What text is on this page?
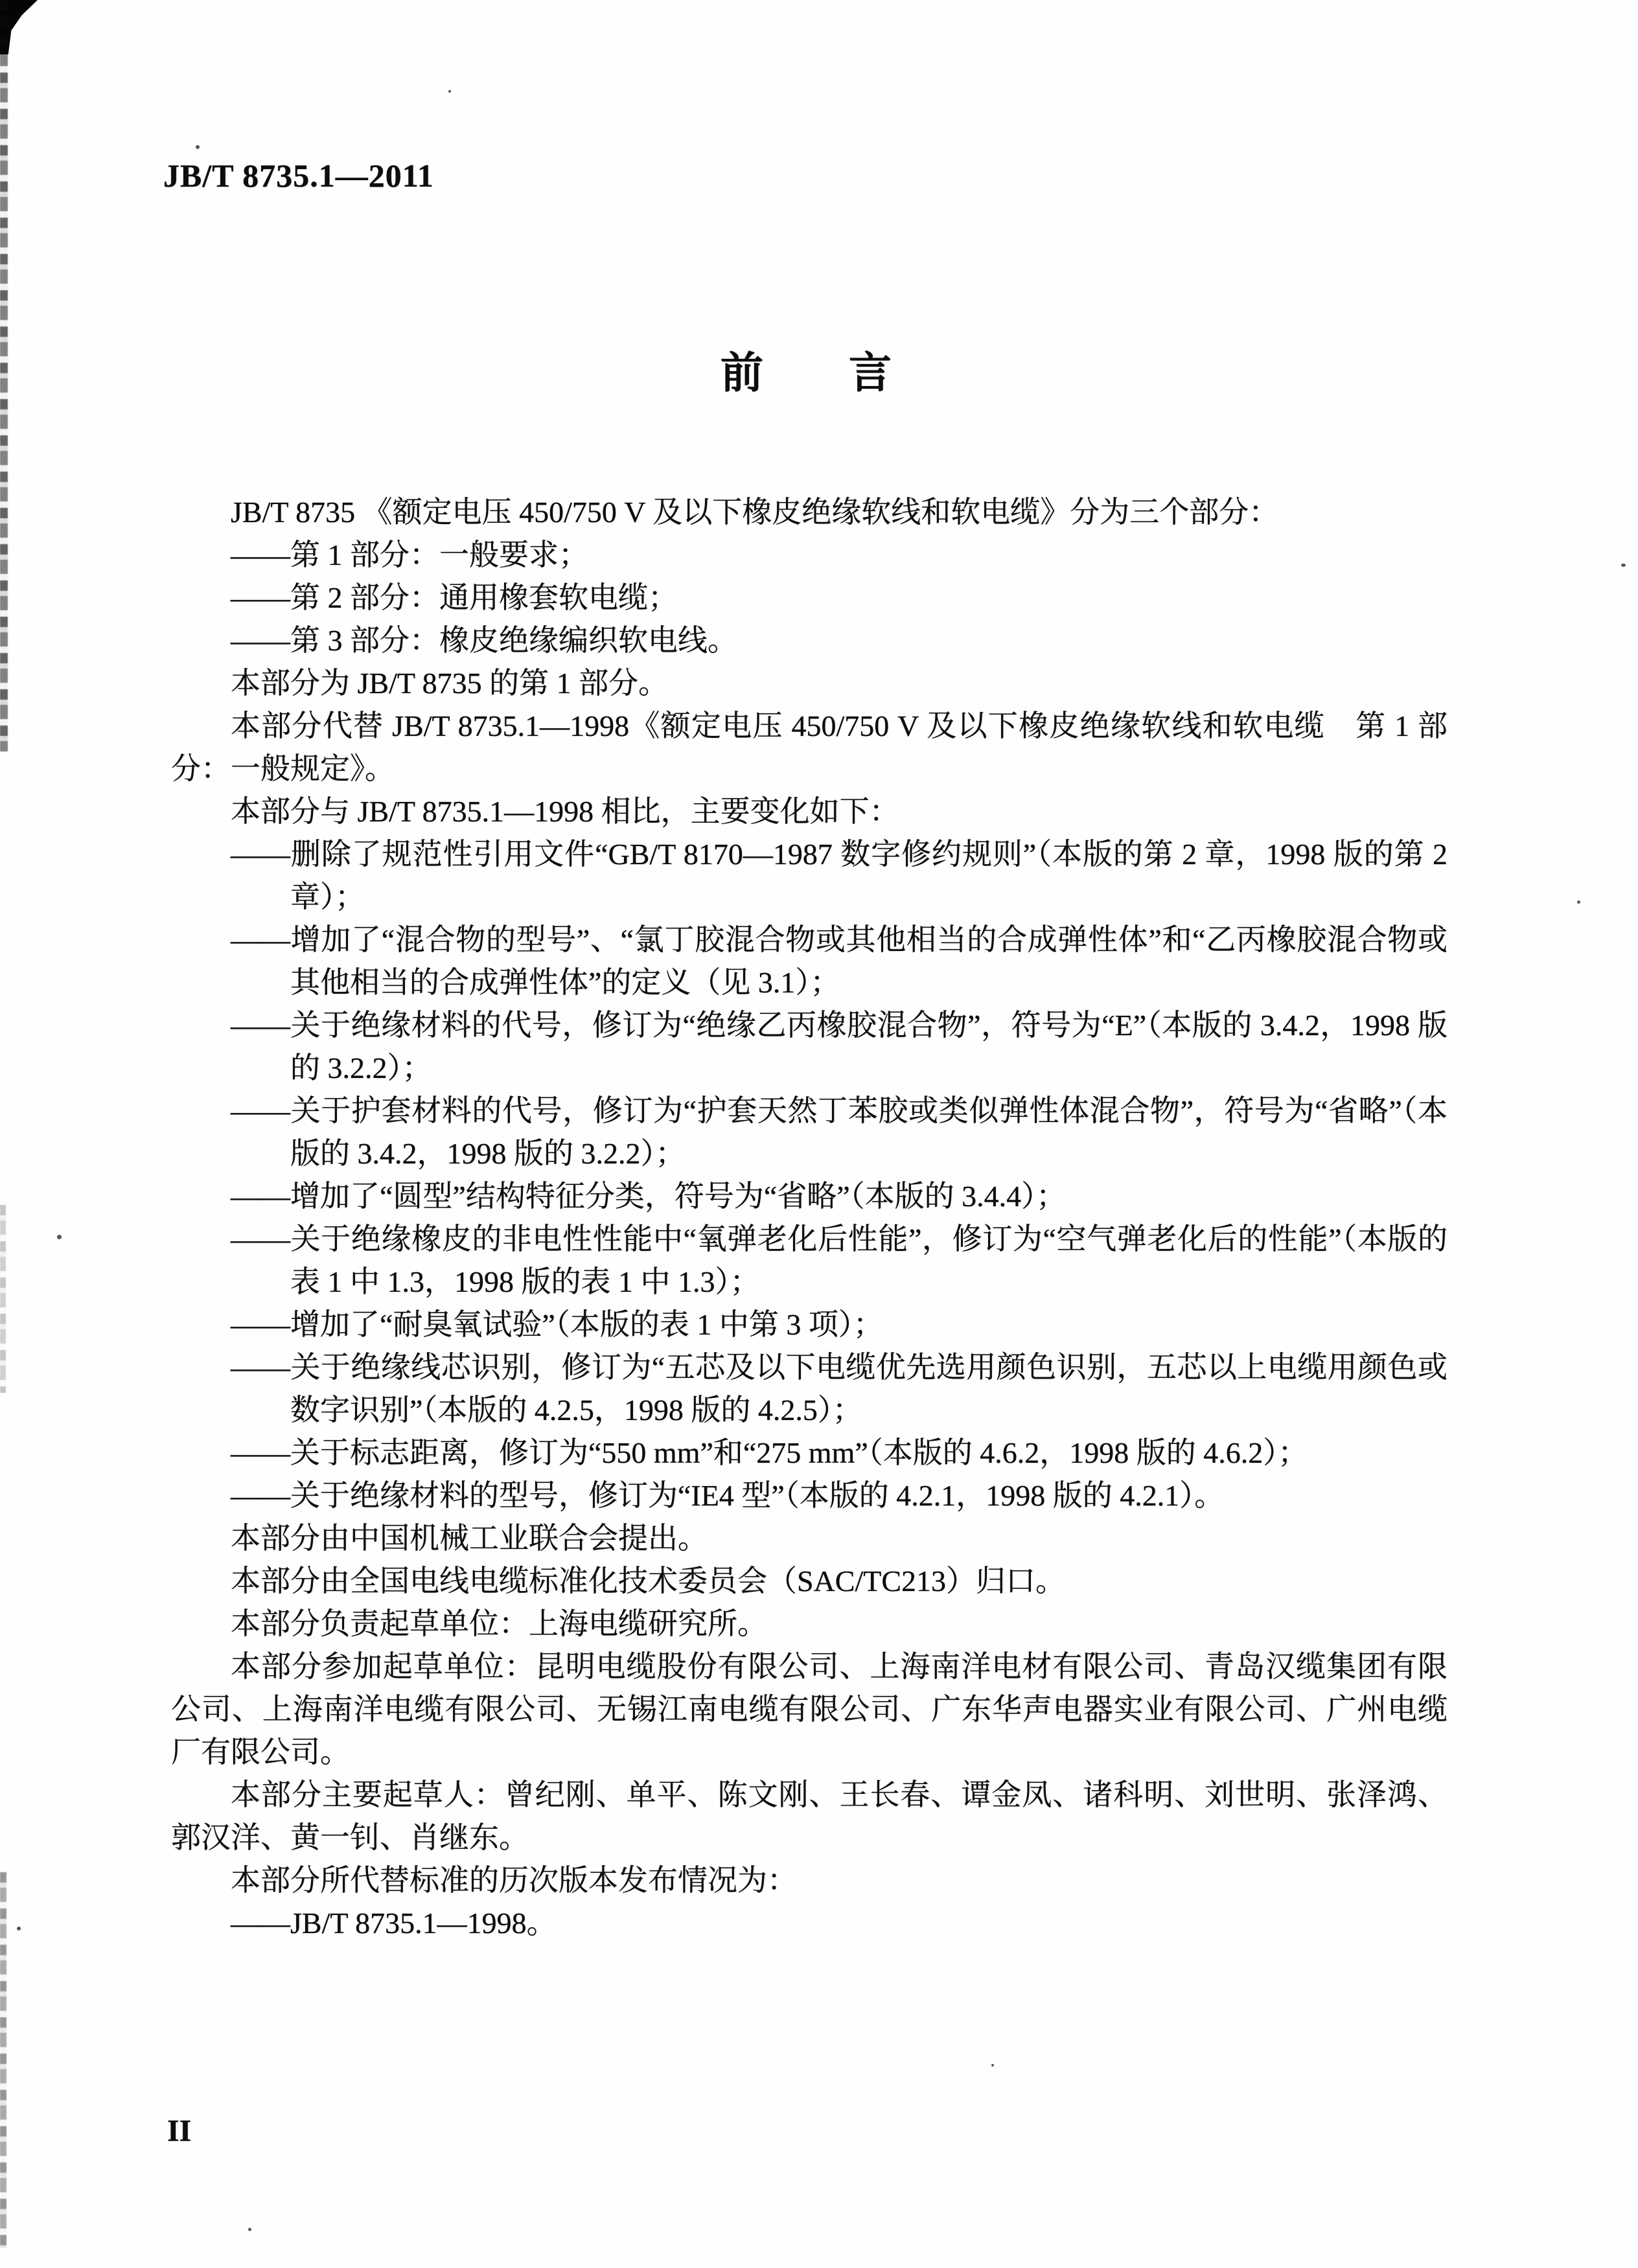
JB/T 8735.1—2011
前　　言

JB/T 8735 《额定电压 450/750 V 及以下橡皮绝缘软线和软电缆》分为三个部分：

——第 1 部分：一般要求；

——第 2 部分：通用橡套软电缆；

——第 3 部分：橡皮绝缘编织软电线。

本部分为 JB/T 8735 的第 1 部分。

本部分代替 JB/T 8735.1—1998《额定电压 450/750 V 及以下橡皮绝缘软线和软电缆　第 1 部分：一般规定》。

本部分与 JB/T 8735.1—1998 相比，主要变化如下：

——删除了规范性引用文件“GB/T 8170—1987 数字修约规则”（本版的第 2 章，1998 版的第 2 章）；

——增加了“混合物的型号”、“氯丁胶混合物或其他相当的合成弹性体”和“乙丙橡胶混合物或其他相当的合成弹性体”的定义（见 3.1）；

——关于绝缘材料的代号，修订为“绝缘乙丙橡胶混合物”，符号为“E”（本版的 3.4.2，1998 版的 3.2.2）；

——关于护套材料的代号，修订为“护套天然丁苯胶或类似弹性体混合物”，符号为“省略”（本版的 3.4.2，1998 版的 3.2.2）；

——增加了“圆型”结构特征分类，符号为“省略”（本版的 3.4.4）；

——关于绝缘橡皮的非电性性能中“氧弹老化后性能”，修订为“空气弹老化后的性能”（本版的表 1 中 1.3，1998 版的表 1 中 1.3）；

——增加了“耐臭氧试验”（本版的表 1 中第 3 项）；

——关于绝缘线芯识别，修订为“五芯及以下电缆优先选用颜色识别，五芯以上电缆用颜色或数字识别”（本版的 4.2.5，1998 版的 4.2.5）；

——关于标志距离，修订为“550 mm”和“275 mm”（本版的 4.6.2，1998 版的 4.6.2）；

——关于绝缘材料的型号，修订为“IE4 型”（本版的 4.2.1，1998 版的 4.2.1）。

本部分由中国机械工业联合会提出。

本部分由全国电线电缆标准化技术委员会（SAC/TC213）归口。

本部分负责起草单位：上海电缆研究所。

本部分参加起草单位：昆明电缆股份有限公司、上海南洋电材有限公司、青岛汉缆集团有限公司、上海南洋电缆有限公司、无锡江南电缆有限公司、广东华声电器实业有限公司、广州电缆厂有限公司。

本部分主要起草人：曾纪刚、单平、陈文刚、王长春、谭金凤、诸科明、刘世明、张泽鸿、郭汉洋、黄一钊、肖继东。

本部分所代替标准的历次版本发布情况为：

——JB/T 8735.1—1998。

II
